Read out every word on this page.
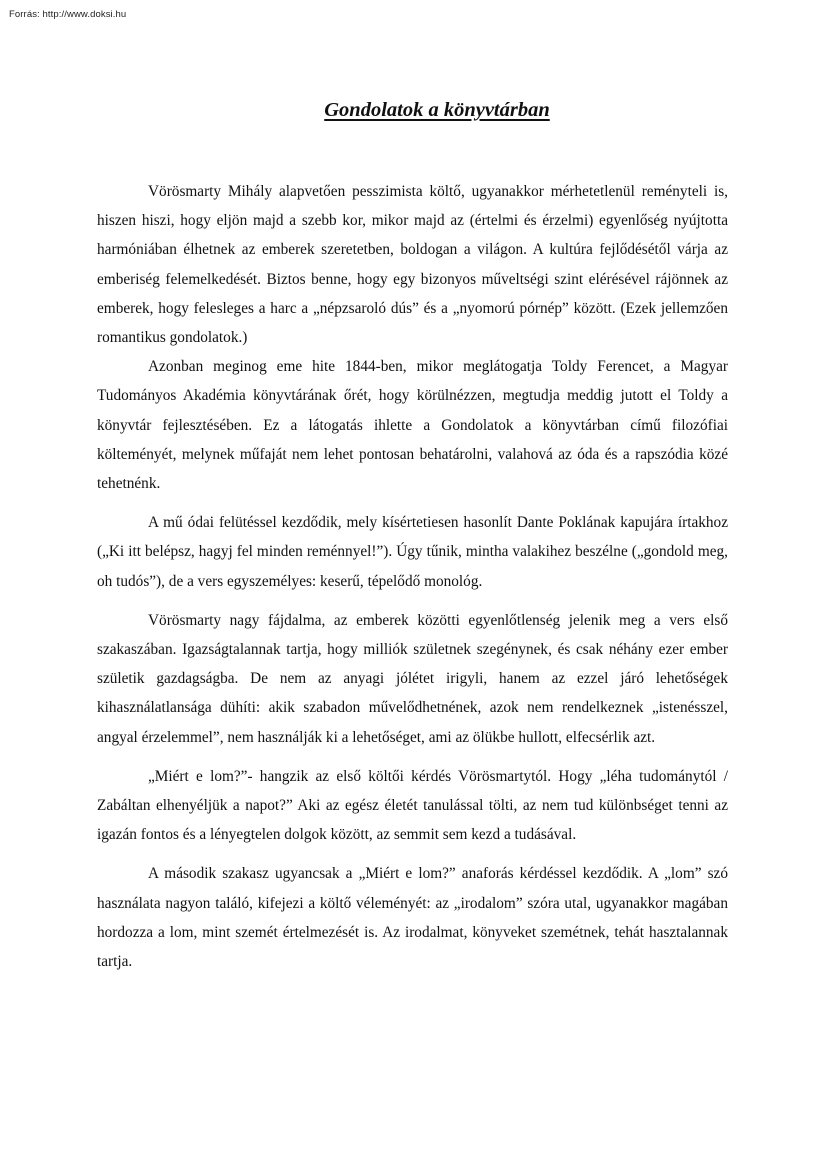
Forrás: http://www.doksi.hu
Gondolatok a könyvtárban

Vörösmarty Mihály alapvetően pesszimista költő, ugyanakkor mérhetetlenül reményteli is, hiszen hiszi, hogy eljön majd a szebb kor, mikor majd az (értelmi és érzelmi) egyenlőség nyújtotta harmóniában élhetnek az emberek szeretetben, boldogan a világon. A kultúra fejlődésétől várja az emberiség felemelkedését. Biztos benne, hogy egy bizonyos műveltségi szint elérésével rájönnek az emberek, hogy felesleges a harc a „népzsaroló dús” és a „nyomorú pórnép” között. (Ezek jellemzően romantikus gondolatok.)

Azonban meginog eme hite 1844-ben, mikor meglátogatja Toldy Ferencet, a Magyar Tudományos Akadémia könyvtárának őrét, hogy körülnézzen, megtudja meddig jutott el Toldy a könyvtár fejlesztésében. Ez a látogatás ihlette a Gondolatok a könyvtárban című filozófiai költeményét, melynek műfaját nem lehet pontosan behatárolni, valahová az óda és a rapszódia közé tehetnénk.

A mű ódai felütéssel kezdődik, mely kísértetiesen hasonlít Dante Poklának kapujára írtakhoz („Ki itt belépsz, hagyj fel minden reménnyel!”). Úgy tűnik, mintha valakihez beszélne („gondold meg, oh tudós”), de a vers egyszemélyes: keserű, tépelődő monológ.

Vörösmarty nagy fájdalma, az emberek közötti egyenlőtlenség jelenik meg a vers első szakaszában. Igazságtalannak tartja, hogy milliók születnek szegénynek, és csak néhány ezer ember születik gazdagságba. De nem az anyagi jólétet irigyli, hanem az ezzel járó lehetőségek kihasználatlansága dühíti: akik szabadon művelődhetnének, azok nem rendelkeznek „istenésszel, angyal érzelemmel”, nem használják ki a lehetőséget, ami az ölükbe hullott, elfecsérlik azt.

„Miért e lom?”- hangzik az első költői kérdés Vörösmartytól. Hogy „léha tudománytól / Zabáltan elhenyéljük a napot?” Aki az egész életét tanulással tölti, az nem tud különbséget tenni az igazán fontos és a lényegtelen dolgok között, az semmit sem kezd a tudásával.

A második szakasz ugyancsak a „Miért e lom?” anaforás kérdéssel kezdődik. A „lom” szó használata nagyon találó, kifejezi a költő véleményét: az „irodalom” szóra utal, ugyanakkor magában hordozza a lom, mint szemét értelmezését is. Az irodalmat, könyveket szemétnek, tehát hasztalannak tartja.
